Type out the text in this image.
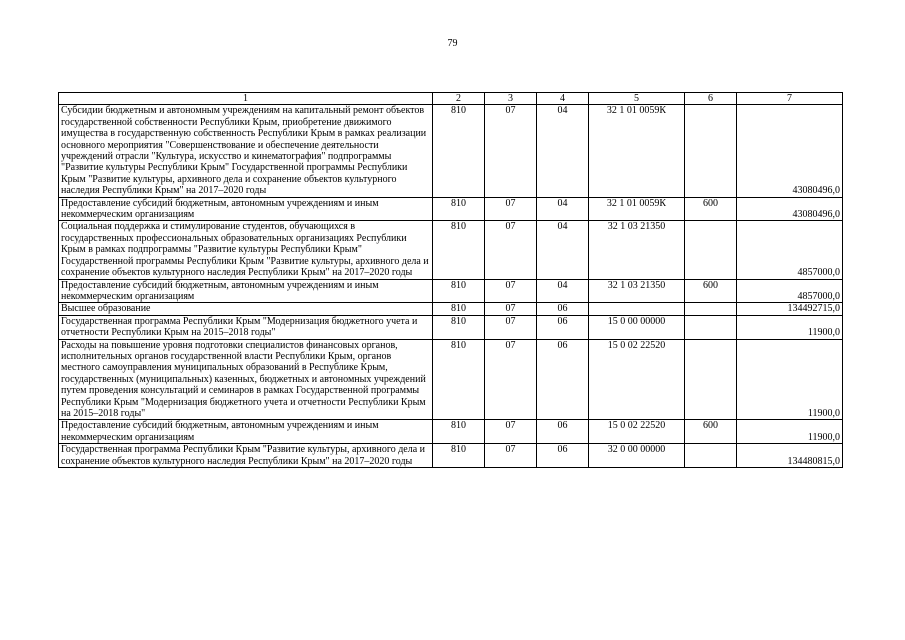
79
1	2	3	4	5	6	7
Субсидии бюджетным и автономным учреждениям на капитальный ремонт объектов государственной собственности Республики Крым, приобретение движимого имущества в государственную собственность Республики Крым в рамках реализации основного мероприятия "Совершенствование и обеспечение деятельности учреждений отрасли "Культура, искусство и кинематография" подпрограммы "Развитие культуры Республики Крым" Государственной программы Республики Крым "Развитие культуры, архивного дела и сохранение объектов культурного наследия Республики Крым" на 2017–2020 годы	810	07	04	32 1 01 0059К		43080496,0
Предоставление субсидий бюджетным, автономным учреждениям и иным некоммерческим организациям	810	07	04	32 1 01 0059К	600	43080496,0
Социальная поддержка и стимулирование студентов, обучающихся в государственных профессиональных образовательных организациях Республики Крым в рамках подпрограммы "Развитие культуры Республики Крым" Государственной программы Республики Крым "Развитие культуры, архивного дела и сохранение объектов культурного наследия Республики Крым" на 2017–2020 годы	810	07	04	32 1 03 21350		4857000,0
Предоставление субсидий бюджетным, автономным учреждениям и иным некоммерческим организациям	810	07	04	32 1 03 21350	600	4857000,0
Высшее образование	810	07	06			134492715,0
Государственная программа Республики Крым "Модернизация бюджетного учета и отчетности Республики Крым на 2015–2018 годы"	810	07	06	15 0 00 00000		11900,0
Расходы на повышение уровня подготовки специалистов финансовых органов, исполнительных органов государственной власти Республики Крым, органов местного самоуправления муниципальных образований в Республике Крым, государственных (муниципальных) казенных, бюджетных и автономных учреждений путем проведения консультаций и семинаров в рамках Государственной программы Республики Крым "Модернизация бюджетного учета и отчетности Республики Крым на 2015–2018 годы"	810	07	06	15 0 02 22520		11900,0
Предоставление субсидий бюджетным, автономным учреждениям и иным некоммерческим организациям	810	07	06	15 0 02 22520	600	11900,0
Государственная программа Республики Крым "Развитие культуры, архивного дела и сохранение объектов культурного наследия Республики Крым" на 2017–2020 годы	810	07	06	32 0 00 00000		134480815,0
